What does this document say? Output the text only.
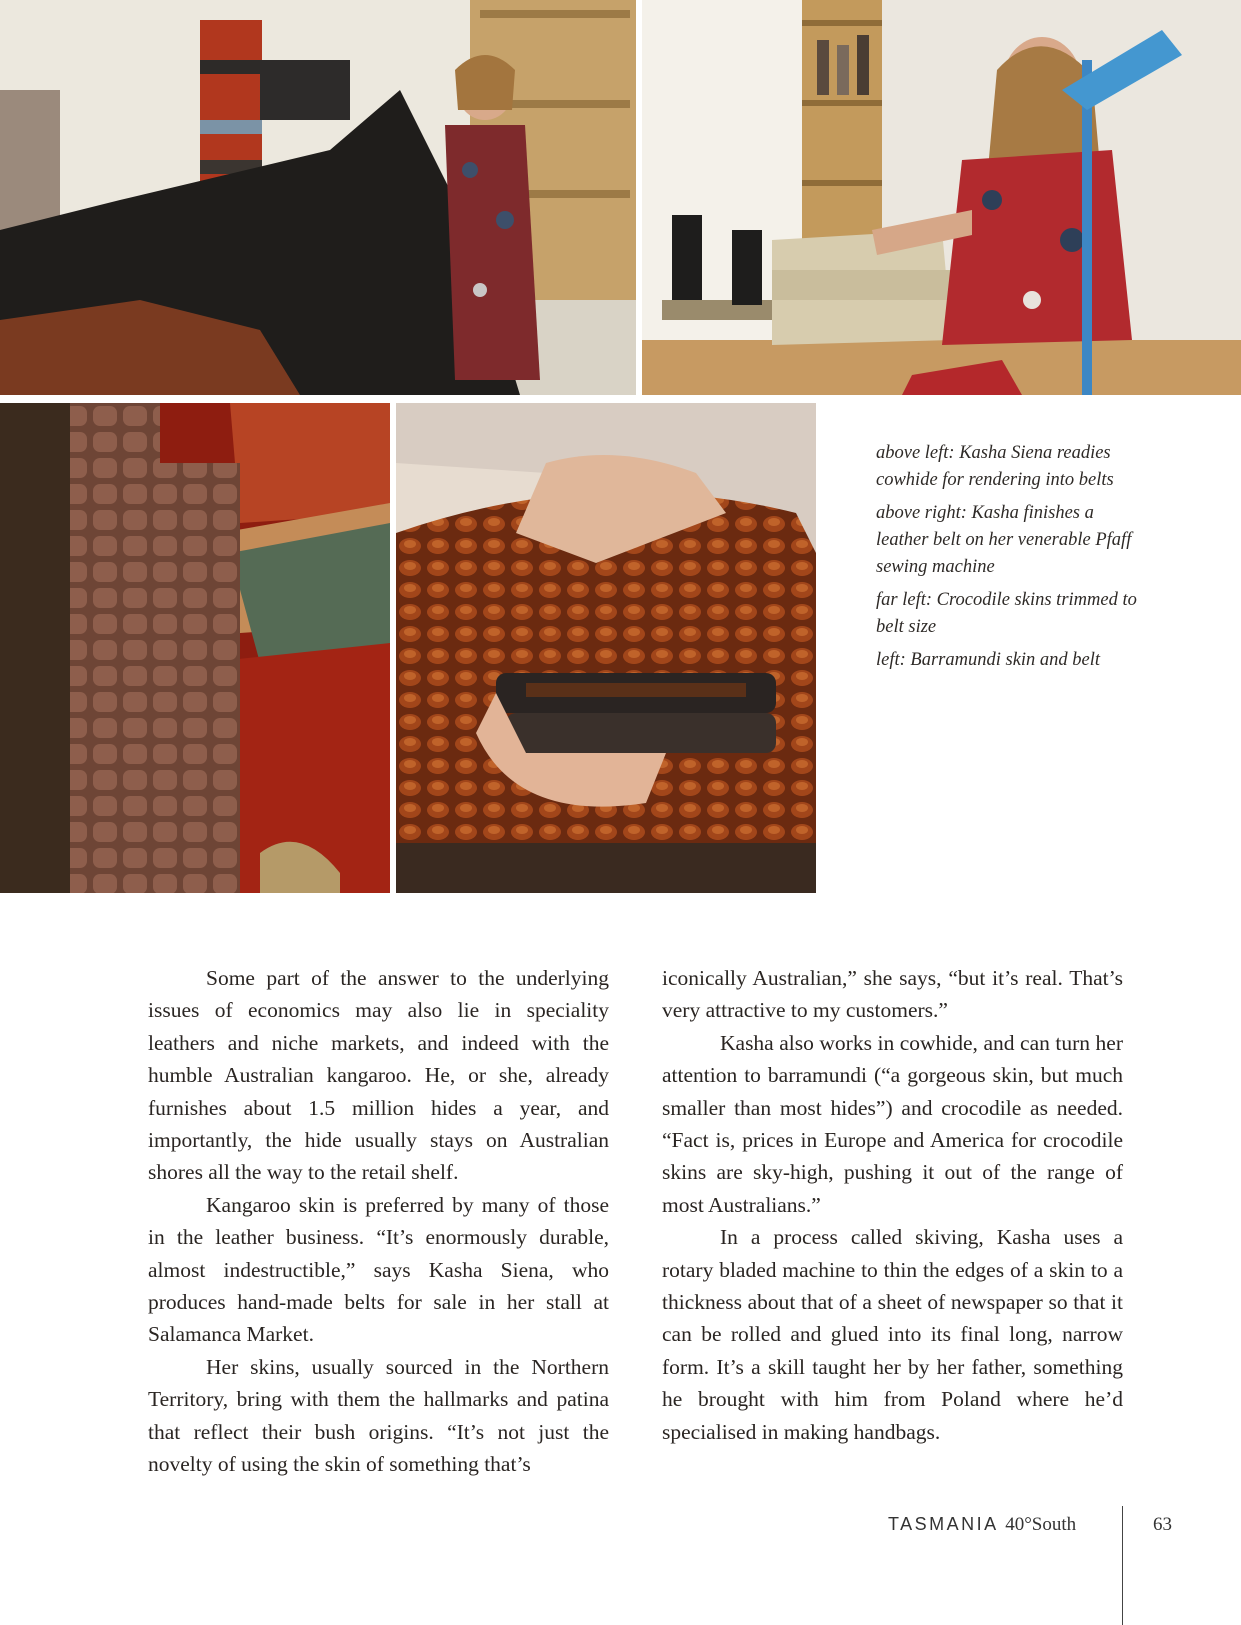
above left: Kasha Siena readies cowhide for rendering into belts

above right: Kasha finishes a leather belt on her venerable Pfaff sewing machine

far left: Crocodile skins trimmed to belt size

left: Barramundi skin and belt

Some part of the answer to the underlying issues of economics may also lie in speciality leathers and niche markets, and indeed with the humble Australian kangaroo. He, or she, already furnishes about 1.5 million hides a year, and importantly, the hide usually stays on Australian shores all the way to the retail shelf.

Kangaroo skin is preferred by many of those in the leather business. “It’s enormously durable, almost indestructible,” says Kasha Siena, who produces hand-made belts for sale in her stall at Salamanca Market.

Her skins, usually sourced in the Northern Territory, bring with them the hallmarks and patina that reflect their bush origins. “It’s not just the novelty of using the skin of something that’s

iconically Australian,” she says, “but it’s real. That’s very attractive to my customers.”

Kasha also works in cowhide, and can turn her attention to barramundi (“a gorgeous skin, but much smaller than most hides”) and crocodile as needed. “Fact is, prices in Europe and America for crocodile skins are sky-high, pushing it out of the range of most Australians.”

In a process called skiving, Kasha uses a rotary bladed machine to thin the edges of a skin to a thickness about that of a sheet of newspaper so that it can be rolled and glued into its final long, narrow form. It’s a skill taught her by her father, something he brought with him from Poland where he’d specialised in making handbags.

TASMANIA 40°South	63
